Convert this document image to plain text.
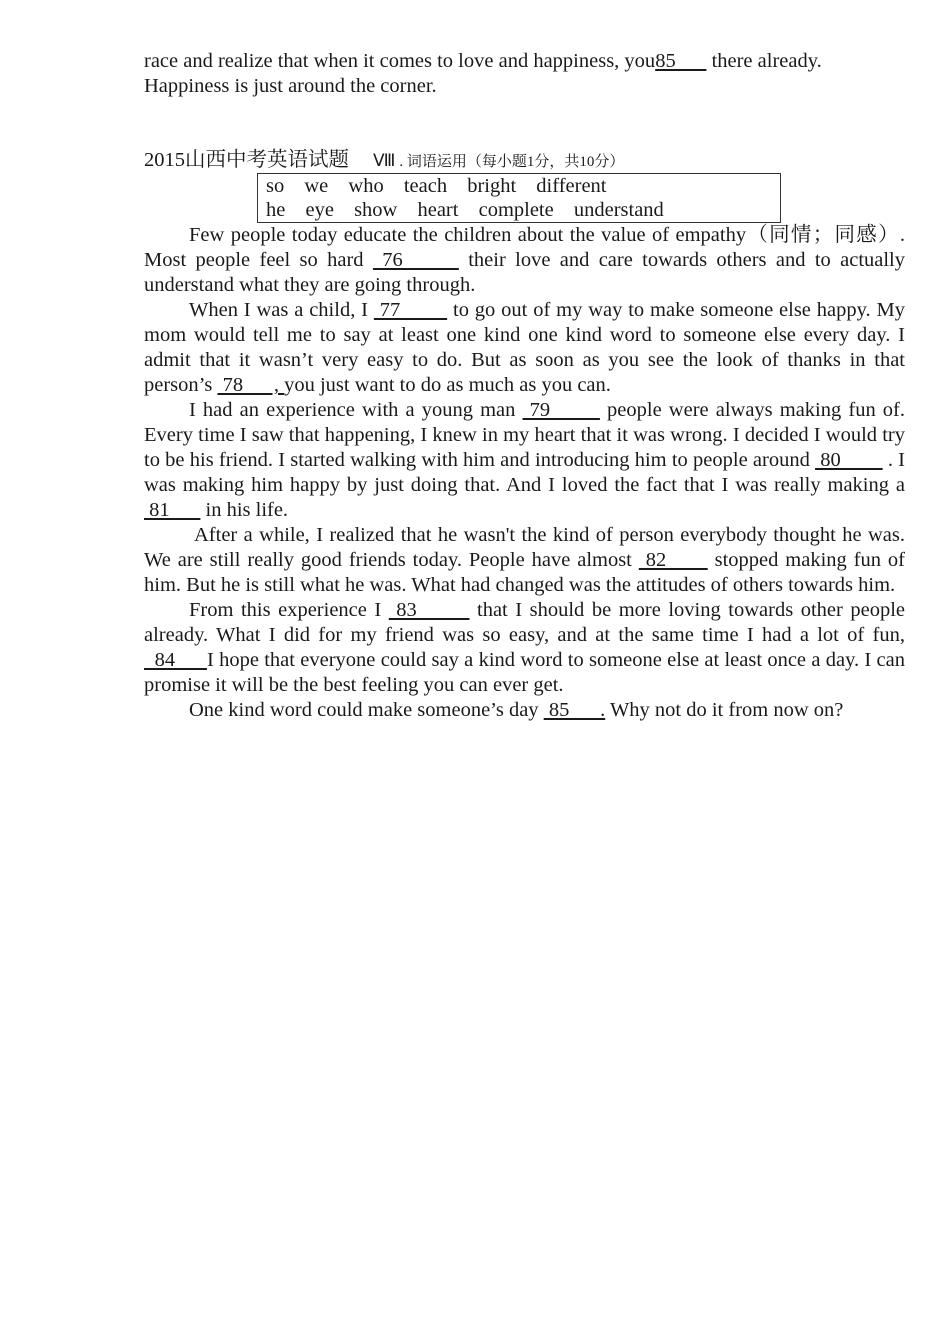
race and realize that when it comes to love and happiness, you85       there already.
Happiness is just around the corner.

2015山西中考英语试题 Ⅷ . 词语运用（每小题1分，共10分）

so we who teach bright different
he eye show heart complete understand

Few people today educate the children about the value of empathy（同情；同感）. Most people feel so hard  76       their love and care towards others and to actually understand what they are going through.

When I was a child, I  77         to go out of my way to make someone else happy. My mom would tell me to say at least one kind one kind word to someone else every day. I admit that it wasn’t very easy to do. But as soon as you see the look of thanks in that person’s  78      , you just want to do as much as you can.

I had an experience with a young man  79        people were always making fun of. Every time I saw that happening, I knew in my heart that it was wrong. I decided I would try to be his friend. I started walking with him and introducing him to people around  80         . I was making him happy by just doing that. And I loved the fact that I was really making a  81       in his life.

After a while, I realized that he wasn't the kind of person everybody thought he was. We are still really good friends today. People have almost  82       stopped making fun of him. But he is still what he was. What had changed was the attitudes of others towards him.

From this experience I  83        that I should be more loving towards other people already. What I did for my friend was so easy, and at the same time I had a lot of fun,   84      I hope that everyone could say a kind word to someone else at least once a day. I can promise it will be the best feeling you can ever get.

One kind word could make someone’s day  85      . Why not do it from now on?
